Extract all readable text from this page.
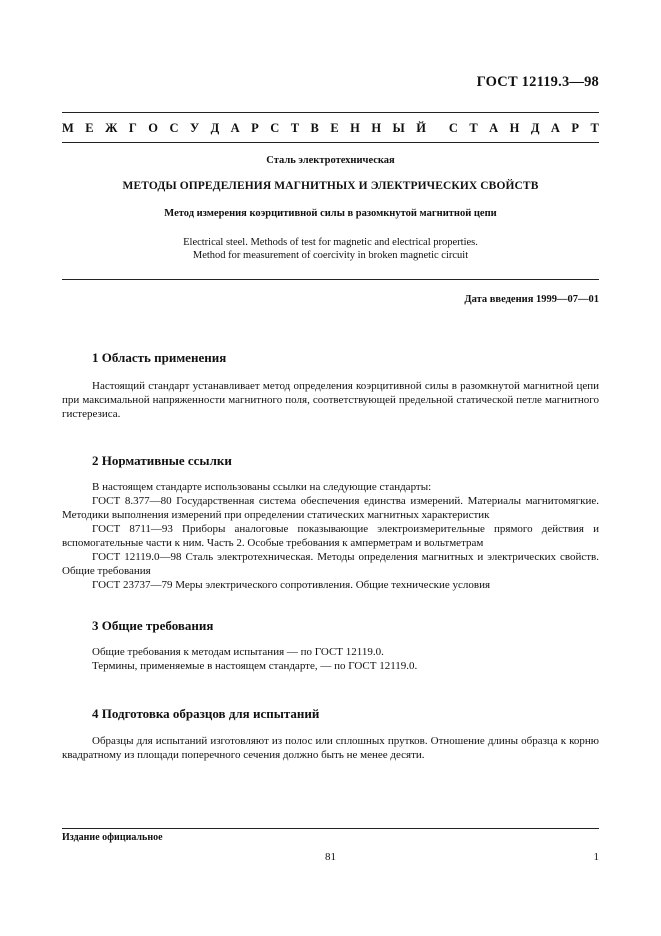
ГОСТ 12119.3—98
М Е Ж Г О С У Д А Р С Т В Е Н Н Ы Й С Т А Н Д А Р Т
Сталь электротехническая
МЕТОДЫ ОПРЕДЕЛЕНИЯ МАГНИТНЫХ И ЭЛЕКТРИЧЕСКИХ СВОЙСТВ
Метод измерения коэрцитивной силы в разомкнутой магнитной цепи
Electrical steel. Methods of test for magnetic and electrical properties.
Method for measurement of coercivity in broken magnetic circuit
Дата введения 1999—07—01
1 Область применения

Настоящий стандарт устанавливает метод определения коэрцитивной силы в разомкнутой магнитной цепи при максимальной напряженности магнитного поля, соответствующей предельной статической петле магнитного гистерезиса.

2 Нормативные ссылки

В настоящем стандарте использованы ссылки на следующие стандарты:

ГОСТ 8.377—80 Государственная система обеспечения единства измерений. Материалы магнитомягкие. Методики выполнения измерений при определении статических магнитных характеристик

ГОСТ 8711—93 Приборы аналоговые показывающие электроизмерительные прямого действия и вспомогательные части к ним. Часть 2. Особые требования к амперметрам и вольтметрам

ГОСТ 12119.0—98 Сталь электротехническая. Методы определения магнитных и электрических свойств. Общие требования

ГОСТ 23737—79 Меры электрического сопротивления. Общие технические условия

3 Общие требования

Общие требования к методам испытания — по ГОСТ 12119.0.

Термины, применяемые в настоящем стандарте, — по ГОСТ 12119.0.

4 Подготовка образцов для испытаний

Образцы для испытаний изготовляют из полос или сплошных прутков. Отношение длины образца к корню квадратному из площади поперечного сечения должно быть не менее десяти.

Издание официальное
81	1
